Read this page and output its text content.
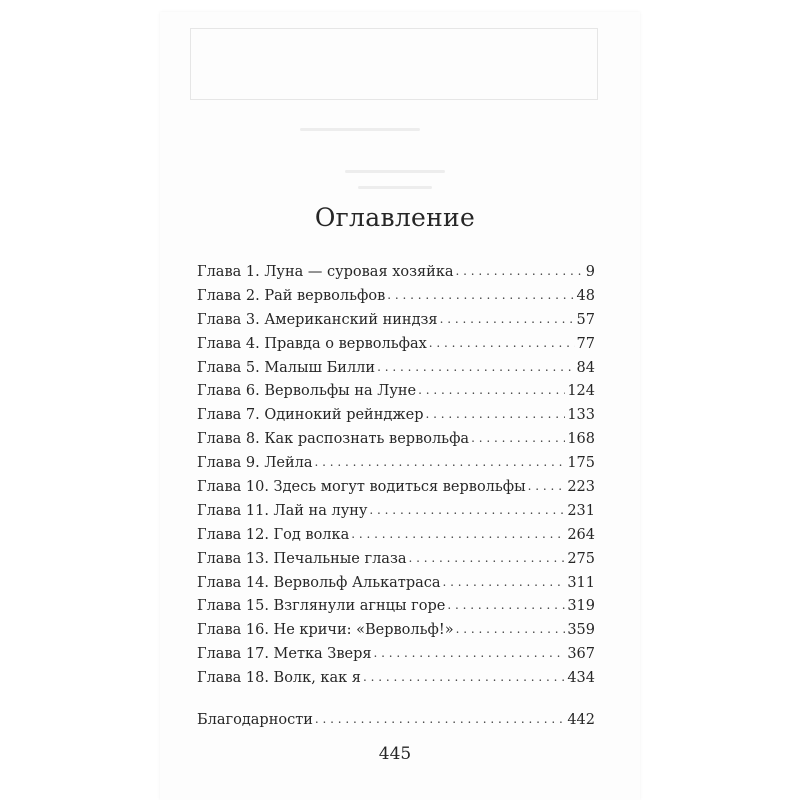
Оглавление
Глава 1. Луна — суровая хозяйка . . .	9
Глава 2. Рай вервольфов . . .	48
Глава 3. Американский ниндзя . . .	57
Глава 4. Правда о вервольфах . . .	77
Глава 5. Малыш Билли . . .	84
Глава 6. Вервольфы на Луне . . .	124
Глава 7. Одинокий рейнджер . . .	133
Глава 8. Как распознать вервольфа . . .	168
Глава 9. Лейла . . .	175
Глава 10. Здесь могут водиться вервольфы . . .	223
Глава 11. Лай на луну . . .	231
Глава 12. Год волка . . .	264
Глава 13. Печальные глаза . . .	275
Глава 14. Вервольф Алькатраса . . .	311
Глава 15. Взглянули агнцы горе . . .	319
Глава 16. Не кричи: «Вервольф!» . . .	359
Глава 17. Метка Зверя . . .	367
Глава 18. Волк, как я . . .	434
Благодарности . . .	442
445
